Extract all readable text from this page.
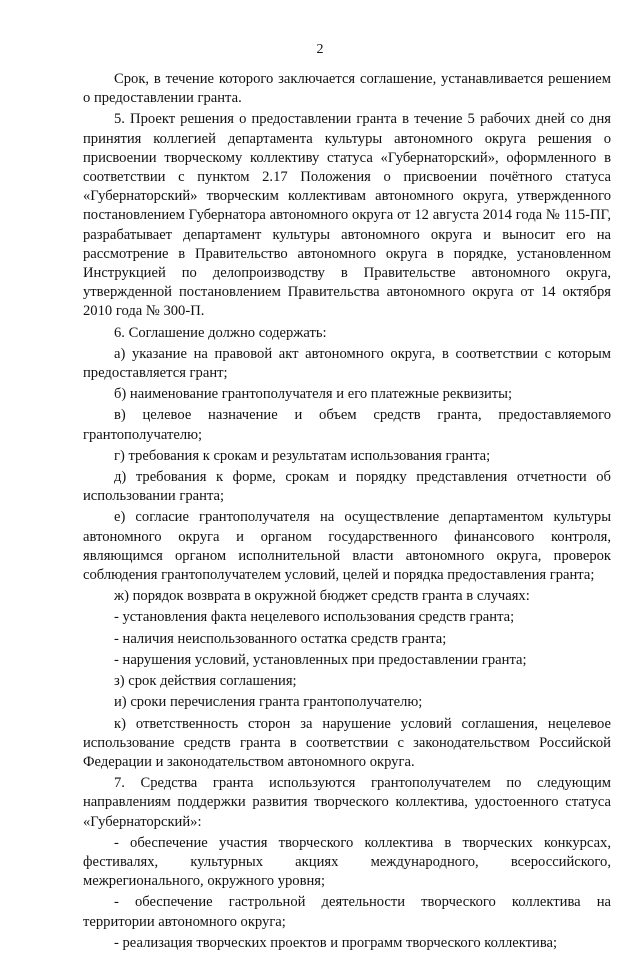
2

Срок, в течение которого заключается соглашение, устанавливается решением о предоставлении гранта.

5. Проект решения о предоставлении гранта в течение 5 рабочих дней со дня принятия коллегией департамента культуры автономного округа решения о присвоении творческому коллективу статуса «Губернаторский», оформленного в соответствии с пунктом 2.17 Положения о присвоении почётного статуса «Губернаторский» творческим коллективам автономного округа, утвержденного постановлением Губернатора автономного округа от 12 августа 2014 года № 115-ПГ, разрабатывает департамент культуры автономного округа и выносит его на рассмотрение в Правительство автономного округа в порядке, установленном Инструкцией по делопроизводству в Правительстве автономного округа, утвержденной постановлением Правительства автономного округа от 14 октября 2010 года № 300-П.

6. Соглашение должно содержать:

а) указание на правовой акт автономного округа, в соответствии с которым предоставляется грант;

б) наименование грантополучателя и его платежные реквизиты;

в) целевое назначение и объем средств гранта, предоставляемого грантополучателю;

г) требования к срокам и результатам использования гранта;

д) требования к форме, срокам и порядку представления отчетности об использовании гранта;

е) согласие грантополучателя на осуществление департаментом культуры автономного округа и органом государственного финансового контроля, являющимся органом исполнительной власти автономного округа, проверок соблюдения грантополучателем условий, целей и порядка предоставления гранта;

ж) порядок возврата в окружной бюджет средств гранта в случаях:

- установления факта нецелевого использования средств гранта;

- наличия неиспользованного остатка средств гранта;

- нарушения условий, установленных при предоставлении гранта;

з) срок действия соглашения;

и) сроки перечисления гранта грантополучателю;

к) ответственность сторон за нарушение условий соглашения, нецелевое использование средств гранта в соответствии с законодательством Российской Федерации и законодательством автономного округа.

7. Средства гранта используются грантополучателем по следующим направлениям поддержки развития творческого коллектива, удостоенного статуса «Губернаторский»:

- обеспечение участия творческого коллектива в творческих конкурсах, фестивалях, культурных акциях международного, всероссийского, межрегионального, окружного уровня;

- обеспечение гастрольной деятельности творческого коллектива на территории автономного округа;

- реализация творческих проектов и программ творческого коллектива;
